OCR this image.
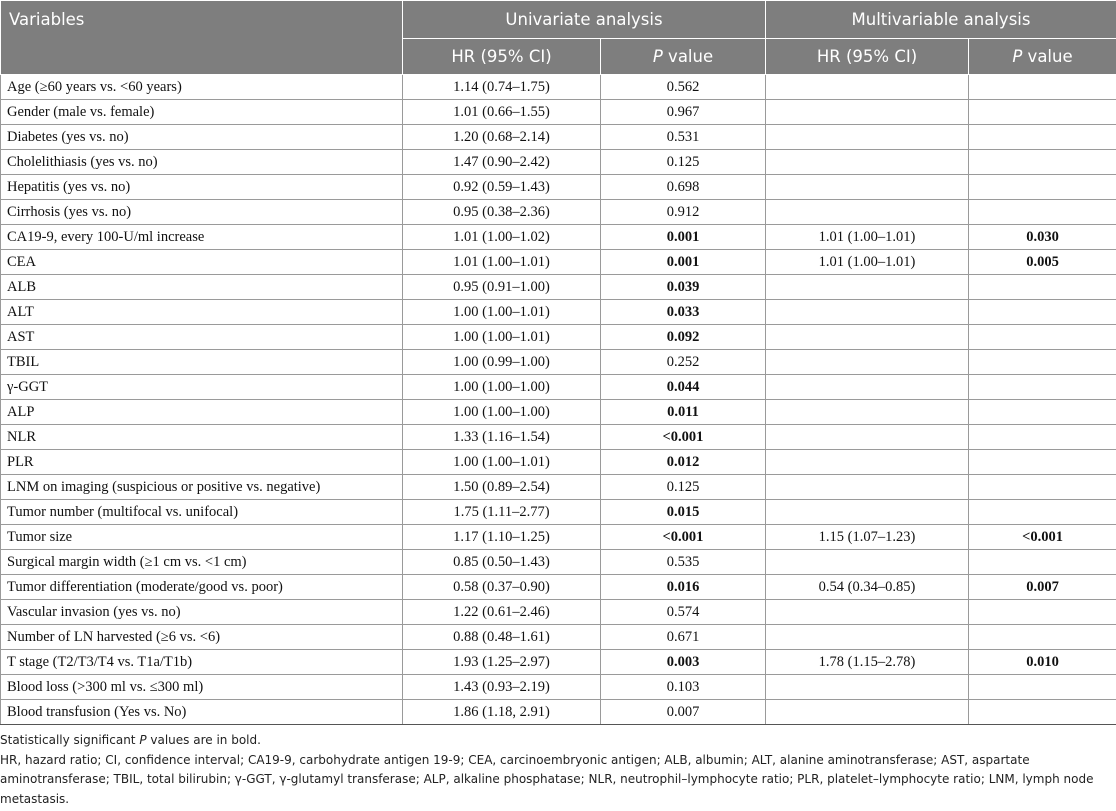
Variables	Univariate analysis		Multivariable analysis	
	HR (95% CI)	P value	HR (95% CI)	P value
Age (≥60 years vs. <60 years)	1.14 (0.74–1.75)	0.562		
Gender (male vs. female)	1.01 (0.66–1.55)	0.967		
Diabetes (yes vs. no)	1.20 (0.68–2.14)	0.531		
Cholelithiasis (yes vs. no)	1.47 (0.90–2.42)	0.125		
Hepatitis (yes vs. no)	0.92 (0.59–1.43)	0.698		
Cirrhosis (yes vs. no)	0.95 (0.38–2.36)	0.912		
CA19-9, every 100-U/ml increase	1.01 (1.00–1.02)	0.001	1.01 (1.00–1.01)	0.030
CEA	1.01 (1.00–1.01)	0.001	1.01 (1.00–1.01)	0.005
ALB	0.95 (0.91–1.00)	0.039		
ALT	1.00 (1.00–1.01)	0.033		
AST	1.00 (1.00–1.01)	0.092		
TBIL	1.00 (0.99–1.00)	0.252		
γ-GGT	1.00 (1.00–1.00)	0.044		
ALP	1.00 (1.00–1.00)	0.011		
NLR	1.33 (1.16–1.54)	<0.001		
PLR	1.00 (1.00–1.01)	0.012		
LNM on imaging (suspicious or positive vs. negative)	1.50 (0.89–2.54)	0.125		
Tumor number (multifocal vs. unifocal)	1.75 (1.11–2.77)	0.015		
Tumor size	1.17 (1.10–1.25)	<0.001	1.15 (1.07–1.23)	<0.001
Surgical margin width (≥1 cm vs. <1 cm)	0.85 (0.50–1.43)	0.535		
Tumor differentiation (moderate/good vs. poor)	0.58 (0.37–0.90)	0.016	0.54 (0.34–0.85)	0.007
Vascular invasion (yes vs. no)	1.22 (0.61–2.46)	0.574		
Number of LN harvested (≥6 vs. <6)	0.88 (0.48–1.61)	0.671		
T stage (T2/T3/T4 vs. T1a/T1b)	1.93 (1.25–2.97)	0.003	1.78 (1.15–2.78)	0.010
Blood loss (>300 ml vs. ≤300 ml)	1.43 (0.93–2.19)	0.103		
Blood transfusion (Yes vs. No)	1.86 (1.18, 2.91)	0.007		

Statistically significant P values are in bold.

HR, hazard ratio; CI, confidence interval; CA19-9, carbohydrate antigen 19-9; CEA, carcinoembryonic antigen; ALB, albumin; ALT, alanine aminotransferase; AST, aspartate aminotransferase; TBIL, total bilirubin; γ-GGT, γ-glutamyl transferase; ALP, alkaline phosphatase; NLR, neutrophil–lymphocyte ratio; PLR, platelet–lymphocyte ratio; LNM, lymph node metastasis.
